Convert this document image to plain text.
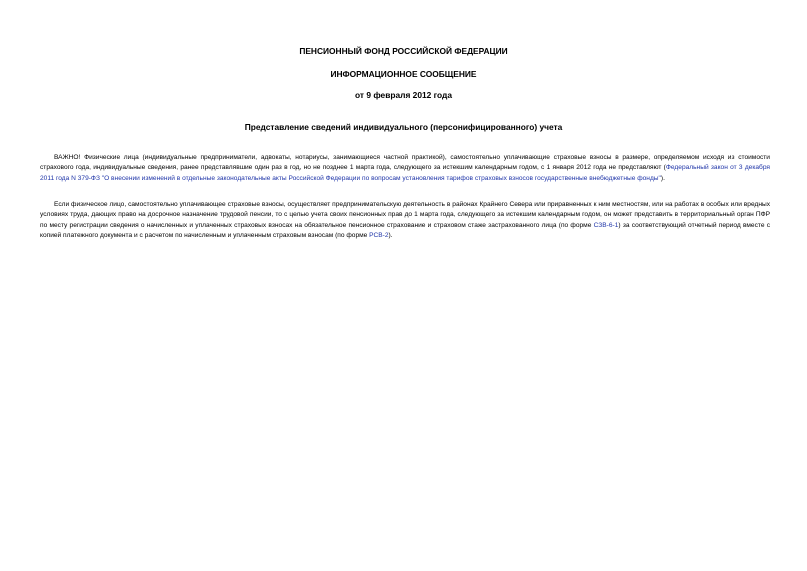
ПЕНСИОННЫЙ ФОНД РОССИЙСКОЙ ФЕДЕРАЦИИ
ИНФОРМАЦИОННОЕ СООБЩЕНИЕ
от 9 февраля 2012 года
Представление сведений индивидуального (персонифицированного) учета

ВАЖНО! Физические лица (индивидуальные предприниматели, адвокаты, нотариусы, занимающиеся частной практикой), самостоятельно уплачивающие страховые взносы в размере, определяемом исходя из стоимости страхового года, индивидуальные сведения, ранее представлявшие один раз в год, но не позднее 1 марта года, следующего за истекшим календарным годом, с 1 января 2012 года не представляют (Федеральный закон от 3 декабря 2011 года N 379-ФЗ "О внесении изменений в отдельные законодательные акты Российской Федерации по вопросам установления тарифов страховых взносов государственные внебюджетные фонды").

Если физическое лицо, самостоятельно уплачивающее страховые взносы, осуществляет предпринимательскую деятельность в районах Крайнего Севера или приравненных к ним местностям, или на работах в особых или вредных условиях труда, дающих право на досрочное назначение трудовой пенсии, то с целью учета своих пенсионных прав до 1 марта года, следующего за истекшим календарным годом, он может представить в территориальный орган ПФР по месту регистрации сведения о начисленных и уплаченных страховых взносах на обязательное пенсионное страхование и страховом стаже застрахованного лица (по форме СЗВ-6-1) за соответствующий отчетный период вместе с копией платежного документа и с расчетом по начисленным и уплаченным страховым взносам (по форме РСВ-2).
